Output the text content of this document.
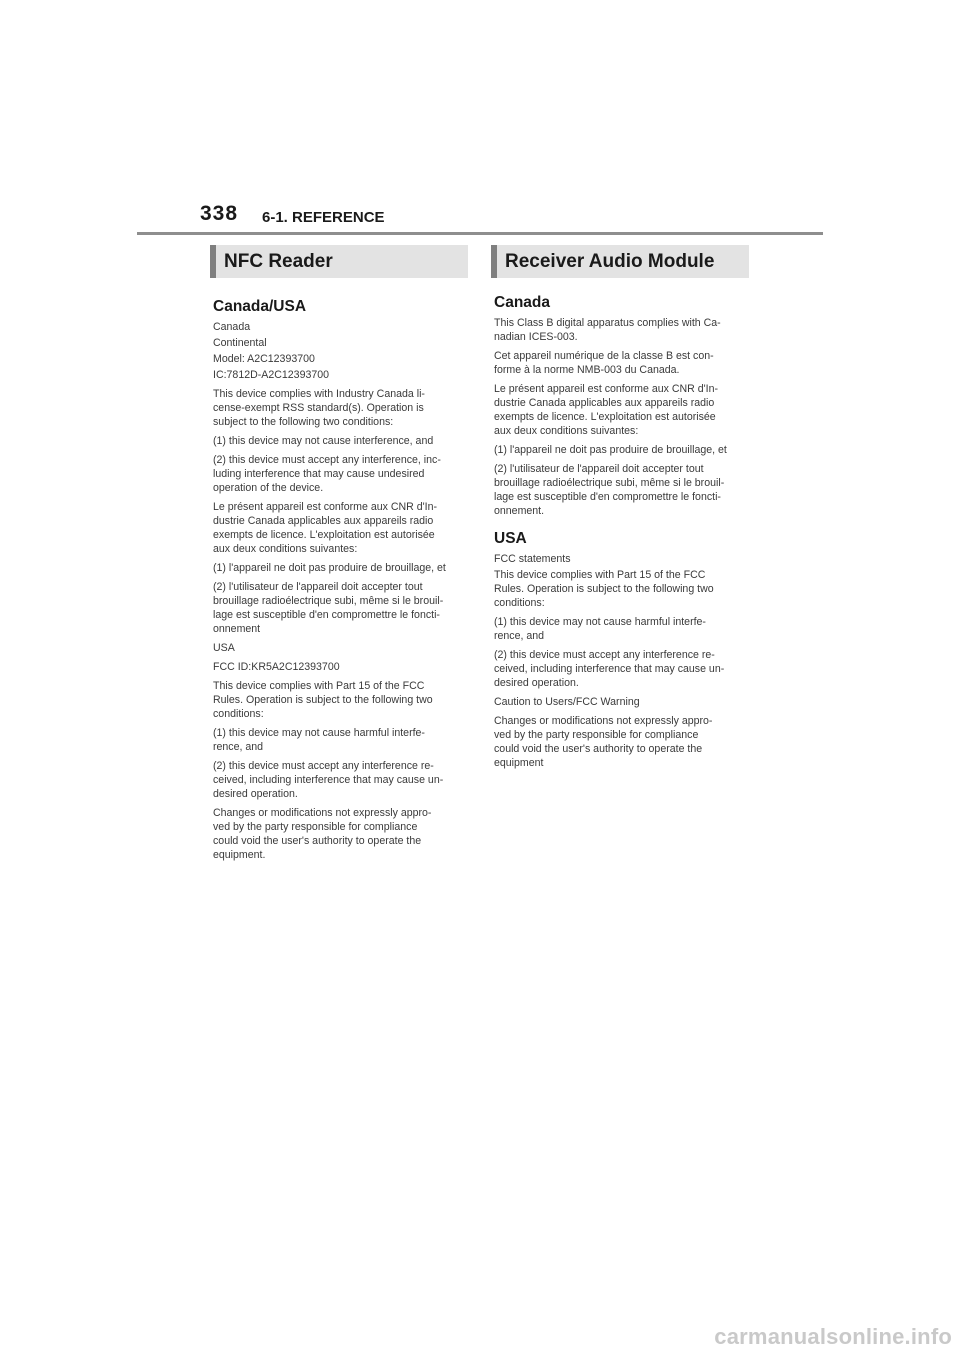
338 6-1. REFERENCE
NFC Reader
Canada/USA
Canada
Continental
Model: A2C12393700
IC:7812D-A2C12393700
This device complies with Industry Canada li-
cense-exempt RSS standard(s). Operation is
subject to the following two conditions:
(1) this device may not cause interference, and
(2) this device must accept any interference, inc-
luding interference that may cause undesired
operation of the device.
Le présent appareil est conforme aux CNR d'In-
dustrie Canada applicables aux appareils radio
exempts de licence. L'exploitation est autorisée
aux deux conditions suivantes:
(1) l'appareil ne doit pas produire de brouillage, et
(2) l'utilisateur de l'appareil doit accepter tout
brouillage radioélectrique subi, même si le brouil-
lage est susceptible d'en compromettre le foncti-
onnement
USA
FCC ID:KR5A2C12393700
This device complies with Part 15 of the FCC
Rules. Operation is subject to the following two
conditions:
(1) this device may not cause harmful interfe-
rence, and
(2) this device must accept any interference re-
ceived, including interference that may cause un-
desired operation.
Changes or modifications not expressly appro-
ved by the party responsible for compliance
could void the user's authority to operate the
equipment.
Receiver Audio Module
Canada
This Class B digital apparatus complies with Ca-
nadian ICES-003.
Cet appareil numérique de la classe B est con-
forme à la norme NMB-003 du Canada.
Le présent appareil est conforme aux CNR d'In-
dustrie Canada applicables aux appareils radio
exempts de licence. L'exploitation est autorisée
aux deux conditions suivantes:
(1) l'appareil ne doit pas produire de brouillage, et
(2) l'utilisateur de l'appareil doit accepter tout
brouillage radioélectrique subi, même si le brouil-
lage est susceptible d'en compromettre le foncti-
onnement.
USA
FCC statements
This device complies with Part 15 of the FCC
Rules. Operation is subject to the following two
conditions:
(1) this device may not cause harmful interfe-
rence, and
(2) this device must accept any interference re-
ceived, including interference that may cause un-
desired operation.
Caution to Users/FCC Warning
Changes or modifications not expressly appro-
ved by the party responsible for compliance
could void the user's authority to operate the
equipment
carmanualsonline.info
